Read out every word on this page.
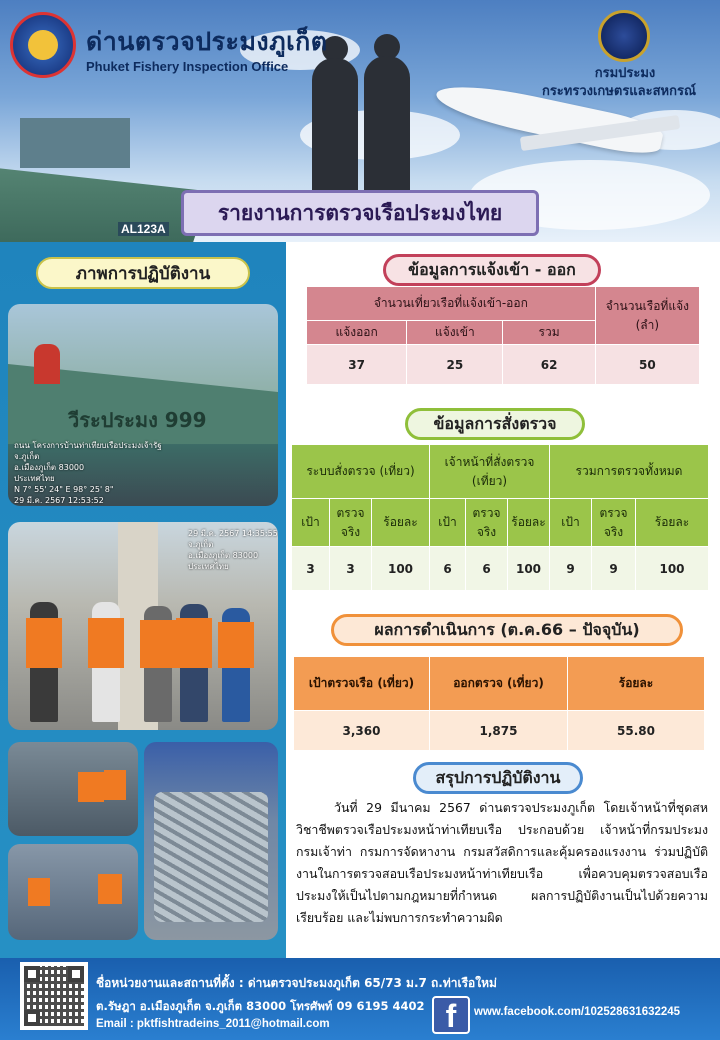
AL123A
ด่านตรวจประมงภูเก็ต
Phuket Fishery Inspection Office	กรมประมง
กระทรวงเกษตรและสหกรณ์
รายงานการตรวจเรือประมงไทย
ภาพการปฏิบัติงาน
วีระประมง 999
ถนน โครงการบ้านท่าเทียบเรือประมงเจ้ารัฐ
จ.ภูเก็ต
อ.เมืองภูเก็ต 83000
ประเทศไทย
N 7° 55' 24" E 98° 25' 8"
29 มี.ค. 2567 12:53:52
29 มี.ค. 2567 14:35:55
จ.ภูเก็ต
อ.เมืองภูเก็ต 83000
ประเทศไทย
ข้อมูลการแจ้งเข้า - ออก
จำนวนเที่ยวเรือที่แจ้งเข้า-ออก			จำนวนเรือที่แจ้ง (ลำ)
แจ้งออก	แจ้งเข้า	รวม	
37	25	62	50
ข้อมูลการสั่งตรวจ
ระบบสั่งตรวจ (เที่ยว)			เจ้าหน้าที่สั่งตรวจ (เที่ยว)			รวมการตรวจทั้งหมด		
เป้า	ตรวจจริง	ร้อยละ	เป้า	ตรวจจริง	ร้อยละ	เป้า	ตรวจจริง	ร้อยละ
3	3	100	6	6	100	9	9	100
ผลการดำเนินการ (ต.ค.66 – ปัจจุบัน)
เป้าตรวจเรือ (เที่ยว)	ออกตรวจ (เที่ยว)	ร้อยละ
3,360	1,875	55.80
สรุปการปฏิบัติงาน
วันที่ 29 มีนาคม 2567 ด่านตรวจประมงภูเก็ต โดยเจ้าหน้าที่ชุดสหวิชาชีพตรวจเรือประมงหน้าท่าเทียบเรือ ประกอบด้วย เจ้าหน้าที่กรมประมง กรมเจ้าท่า กรมการจัดหางาน กรมสวัสดิการและคุ้มครองแรงงาน ร่วมปฏิบัติงานในการตรวจสอบเรือประมงหน้าท่าเทียบเรือ เพื่อควบคุมตรวจสอบเรือประมงให้เป็นไปตามกฎหมายที่กำหนด ผลการปฏิบัติงานเป็นไปด้วยความเรียบร้อย และไม่พบการกระทำความผิด
ชื่อหน่วยงานและสถานที่ตั้ง : ด่านตรวจประมงภูเก็ต 65/73 ม.7 ถ.ท่าเรือใหม่
ต.รัษฎา อ.เมืองภูเก็ต จ.ภูเก็ต 83000 โทรศัพท์ 09 6195 4402
Email : pktfishtradeins_2011@hotmail.com	f	www.facebook.com/102528631632245
